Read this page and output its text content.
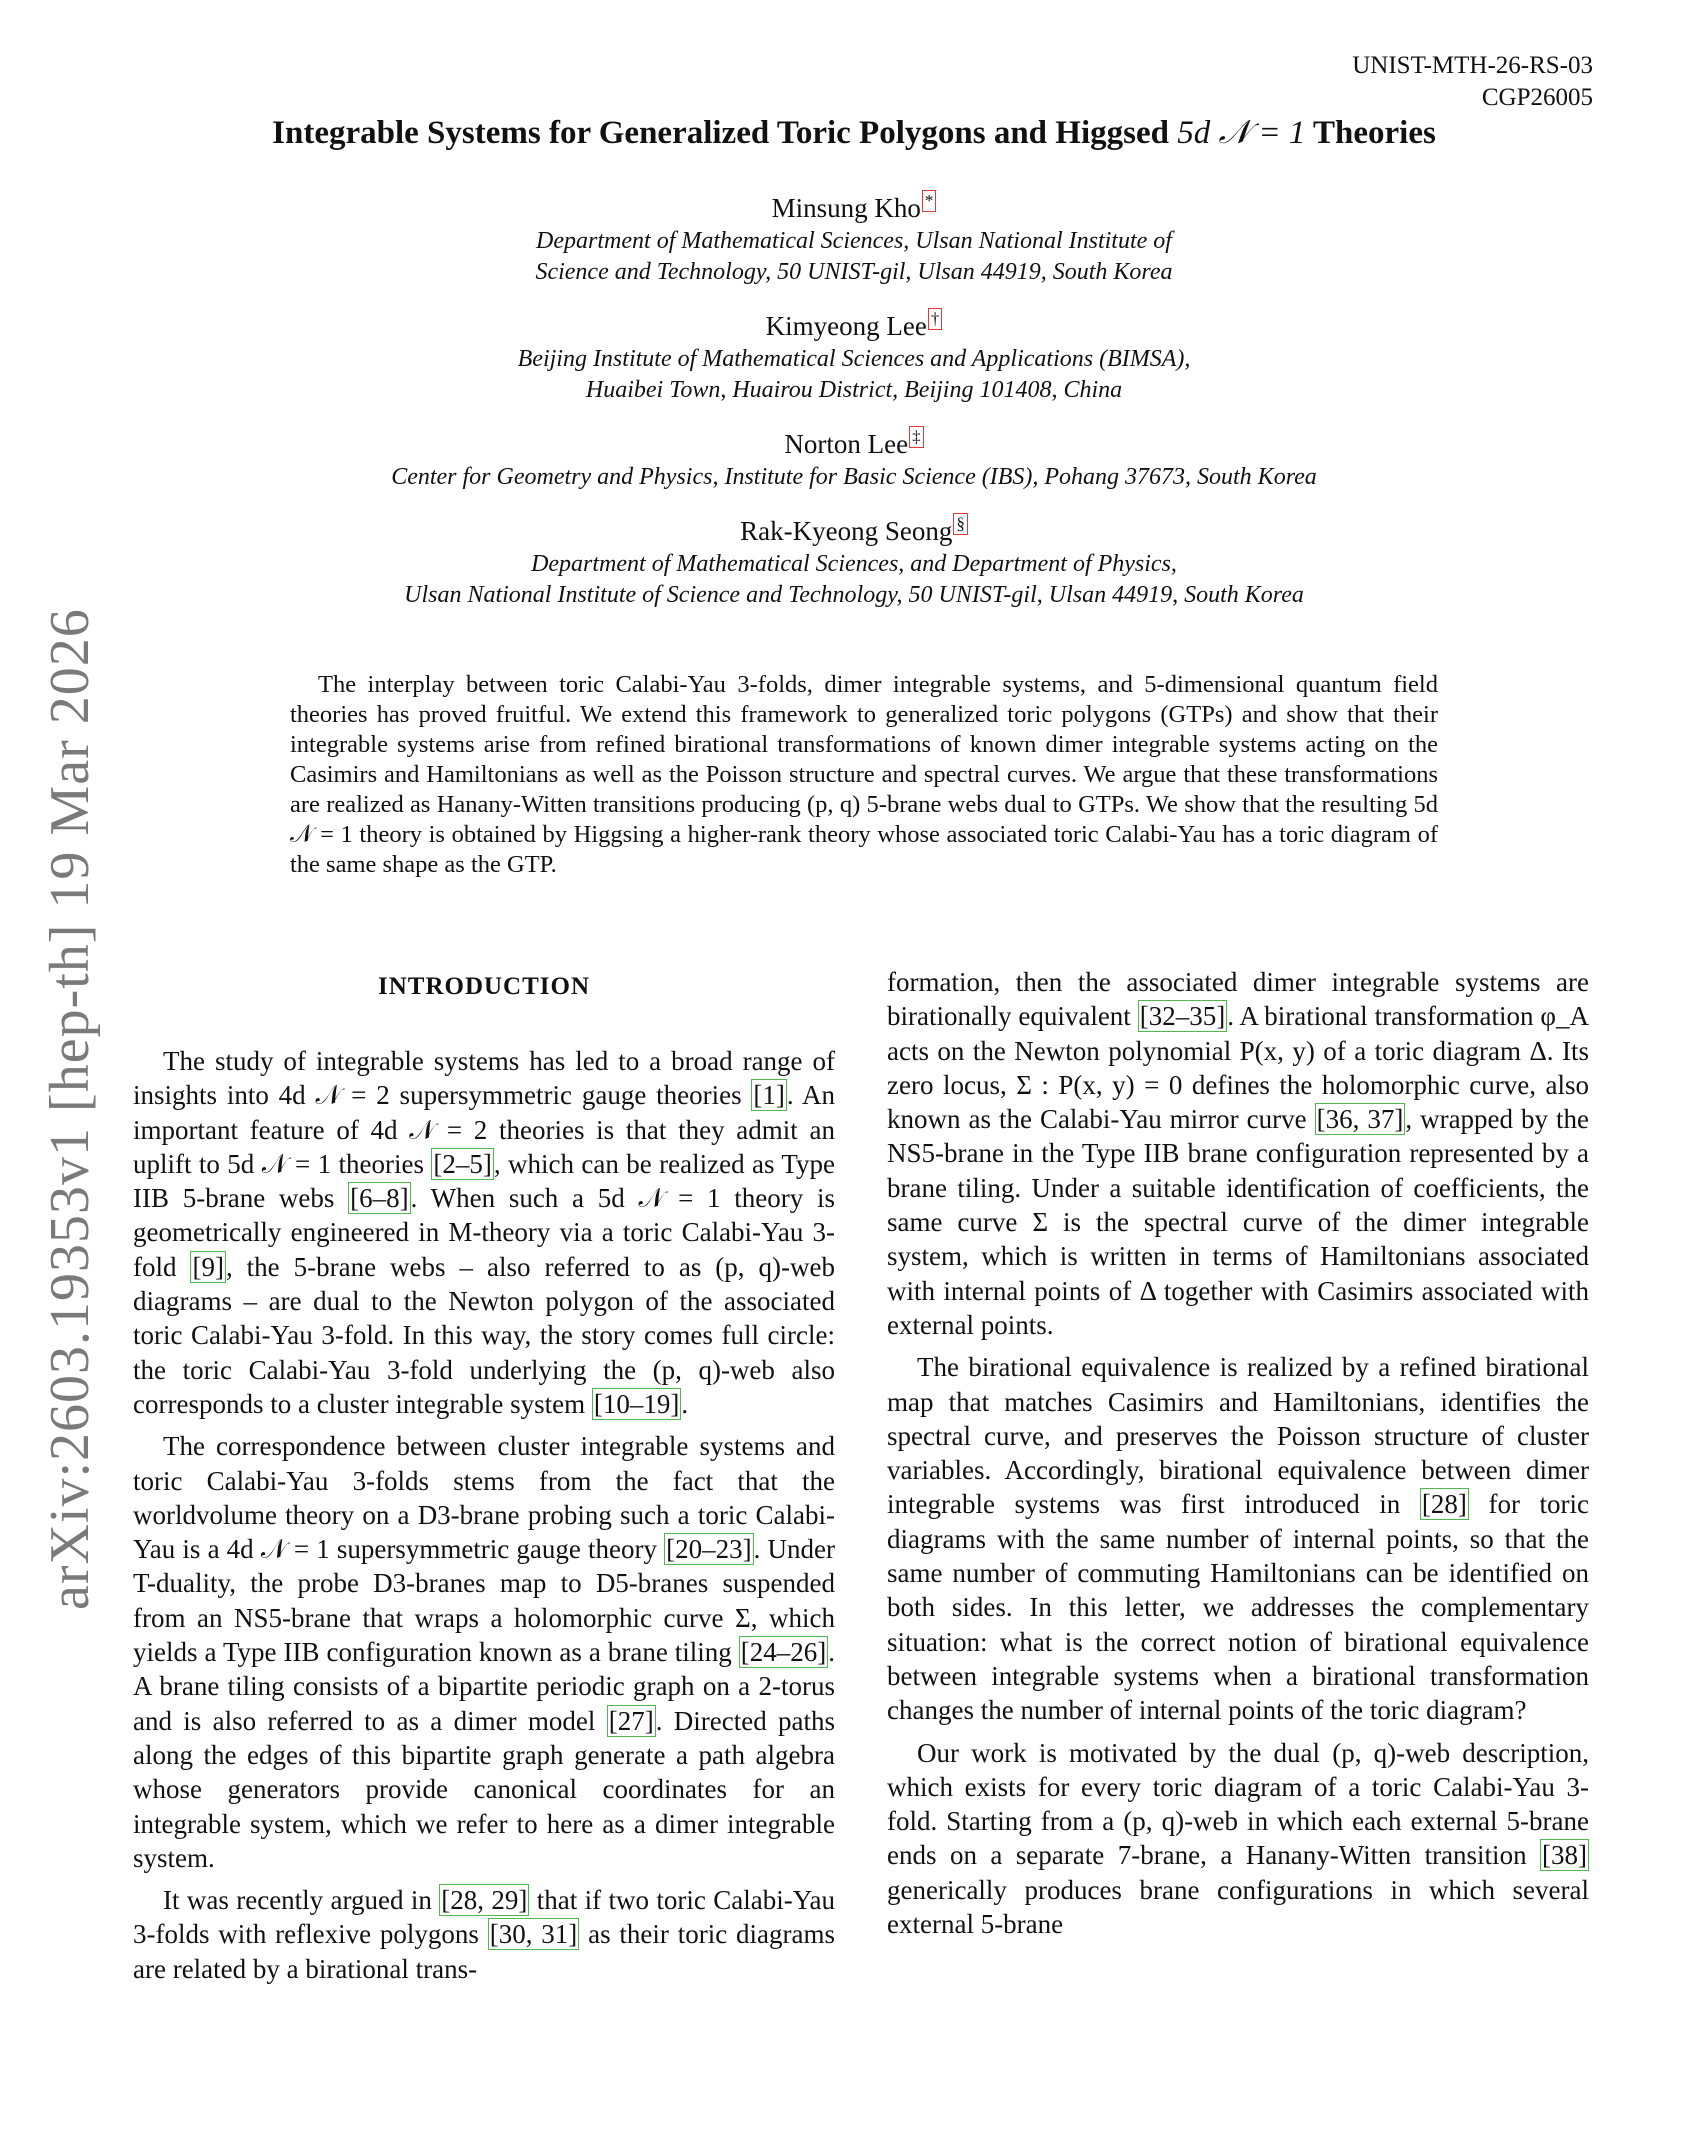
arXiv:2603.19353v1 [hep-th] 19 Mar 2026
UNIST-MTH-26-RS-03
CGP26005
Integrable Systems for Generalized Toric Polygons and Higgsed 5d 𝒩 = 1 Theories
Minsung Kho *
Department of Mathematical Sciences, Ulsan National Institute of
Science and Technology, 50 UNIST-gil, Ulsan 44919, South Korea
Kimyeong Lee †
Beijing Institute of Mathematical Sciences and Applications (BIMSA),
Huaibei Town, Huairou District, Beijing 101408, China
Norton Lee ‡
Center for Geometry and Physics, Institute for Basic Science (IBS), Pohang 37673, South Korea
Rak-Kyeong Seong §
Department of Mathematical Sciences, and Department of Physics,
Ulsan National Institute of Science and Technology, 50 UNIST-gil, Ulsan 44919, South Korea
The interplay between toric Calabi-Yau 3-folds, dimer integrable systems, and 5-dimensional quantum field theories has proved fruitful. We extend this framework to generalized toric polygons (GTPs) and show that their integrable systems arise from refined birational transformations of known dimer integrable systems acting on the Casimirs and Hamiltonians as well as the Poisson structure and spectral curves. We argue that these transformations are realized as Hanany-Witten transitions producing (p, q) 5-brane webs dual to GTPs. We show that the resulting 5d 𝒩 = 1 theory is obtained by Higgsing a higher-rank theory whose associated toric Calabi-Yau has a toric diagram of the same shape as the GTP.
INTRODUCTION

The study of integrable systems has led to a broad range of insights into 4d 𝒩 = 2 supersymmetric gauge theories [1]. An important feature of 4d 𝒩 = 2 theories is that they admit an uplift to 5d 𝒩 = 1 theories [2–5], which can be realized as Type IIB 5-brane webs [6–8]. When such a 5d 𝒩 = 1 theory is geometrically engineered in M-theory via a toric Calabi-Yau 3-fold [9], the 5-brane webs – also referred to as (p, q)-web diagrams – are dual to the Newton polygon of the associated toric Calabi-Yau 3-fold. In this way, the story comes full circle: the toric Calabi-Yau 3-fold underlying the (p, q)-web also corresponds to a cluster integrable system [10–19].

The correspondence between cluster integrable systems and toric Calabi-Yau 3-folds stems from the fact that the worldvolume theory on a D3-brane probing such a toric Calabi-Yau is a 4d 𝒩 = 1 supersymmetric gauge theory [20–23]. Under T-duality, the probe D3-branes map to D5-branes suspended from an NS5-brane that wraps a holomorphic curve Σ, which yields a Type IIB configuration known as a brane tiling [24–26]. A brane tiling consists of a bipartite periodic graph on a 2-torus and is also referred to as a dimer model [27]. Directed paths along the edges of this bipartite graph generate a path algebra whose generators provide canonical coordinates for an integrable system, which we refer to here as a dimer integrable system.

It was recently argued in [28, 29] that if two toric Calabi-Yau 3-folds with reflexive polygons [30, 31] as their toric diagrams are related by a birational trans-

formation, then the associated dimer integrable systems are birationally equivalent [32–35]. A birational transformation φ_A acts on the Newton polynomial P(x, y) of a toric diagram Δ. Its zero locus, Σ : P(x, y) = 0 defines the holomorphic curve, also known as the Calabi-Yau mirror curve [36, 37], wrapped by the NS5-brane in the Type IIB brane configuration represented by a brane tiling. Under a suitable identification of coefficients, the same curve Σ is the spectral curve of the dimer integrable system, which is written in terms of Hamiltonians associated with internal points of Δ together with Casimirs associated with external points.

The birational equivalence is realized by a refined birational map that matches Casimirs and Hamiltonians, identifies the spectral curve, and preserves the Poisson structure of cluster variables. Accordingly, birational equivalence between dimer integrable systems was first introduced in [28] for toric diagrams with the same number of internal points, so that the same number of commuting Hamiltonians can be identified on both sides. In this letter, we addresses the complementary situation: what is the correct notion of birational equivalence between integrable systems when a birational transformation changes the number of internal points of the toric diagram?

Our work is motivated by the dual (p, q)-web description, which exists for every toric diagram of a toric Calabi-Yau 3-fold. Starting from a (p, q)-web in which each external 5-brane ends on a separate 7-brane, a Hanany-Witten transition [38] generically produces brane configurations in which several external 5-brane
